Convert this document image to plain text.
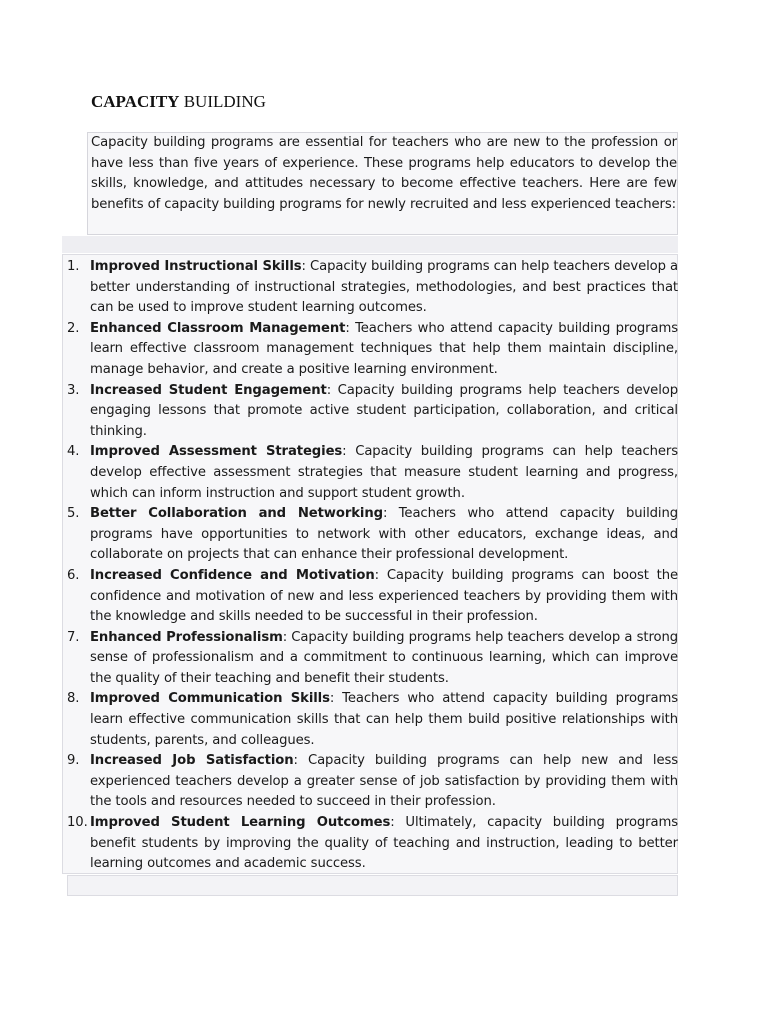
CAPACITY BUILDING

Capacity building programs are essential for teachers who are new to the profession or have less than five years of experience. These programs help educators to develop the skills, knowledge, and attitudes necessary to become effective teachers. Here are few benefits of capacity building programs for newly recruited and less experienced teachers:

1. Improved Instructional Skills: Capacity building programs can help teachers develop a better understanding of instructional strategies, methodologies, and best practices that can be used to improve student learning outcomes.
2. Enhanced Classroom Management: Teachers who attend capacity building programs learn effective classroom management techniques that help them maintain discipline, manage behavior, and create a positive learning environment.
3. Increased Student Engagement: Capacity building programs help teachers develop engaging lessons that promote active student participation, collaboration, and critical thinking.
4. Improved Assessment Strategies: Capacity building programs can help teachers develop effective assessment strategies that measure student learning and progress, which can inform instruction and support student growth.
5. Better Collaboration and Networking: Teachers who attend capacity building programs have opportunities to network with other educators, exchange ideas, and collaborate on projects that can enhance their professional development.
6. Increased Confidence and Motivation: Capacity building programs can boost the confidence and motivation of new and less experienced teachers by providing them with the knowledge and skills needed to be successful in their profession.
7. Enhanced Professionalism: Capacity building programs help teachers develop a strong sense of professionalism and a commitment to continuous learning, which can improve the quality of their teaching and benefit their students.
8. Improved Communication Skills: Teachers who attend capacity building programs learn effective communication skills that can help them build positive relationships with students, parents, and colleagues.
9. Increased Job Satisfaction: Capacity building programs can help new and less experienced teachers develop a greater sense of job satisfaction by providing them with the tools and resources needed to succeed in their profession.
10. Improved Student Learning Outcomes: Ultimately, capacity building programs benefit students by improving the quality of teaching and instruction, leading to better learning outcomes and academic success.
